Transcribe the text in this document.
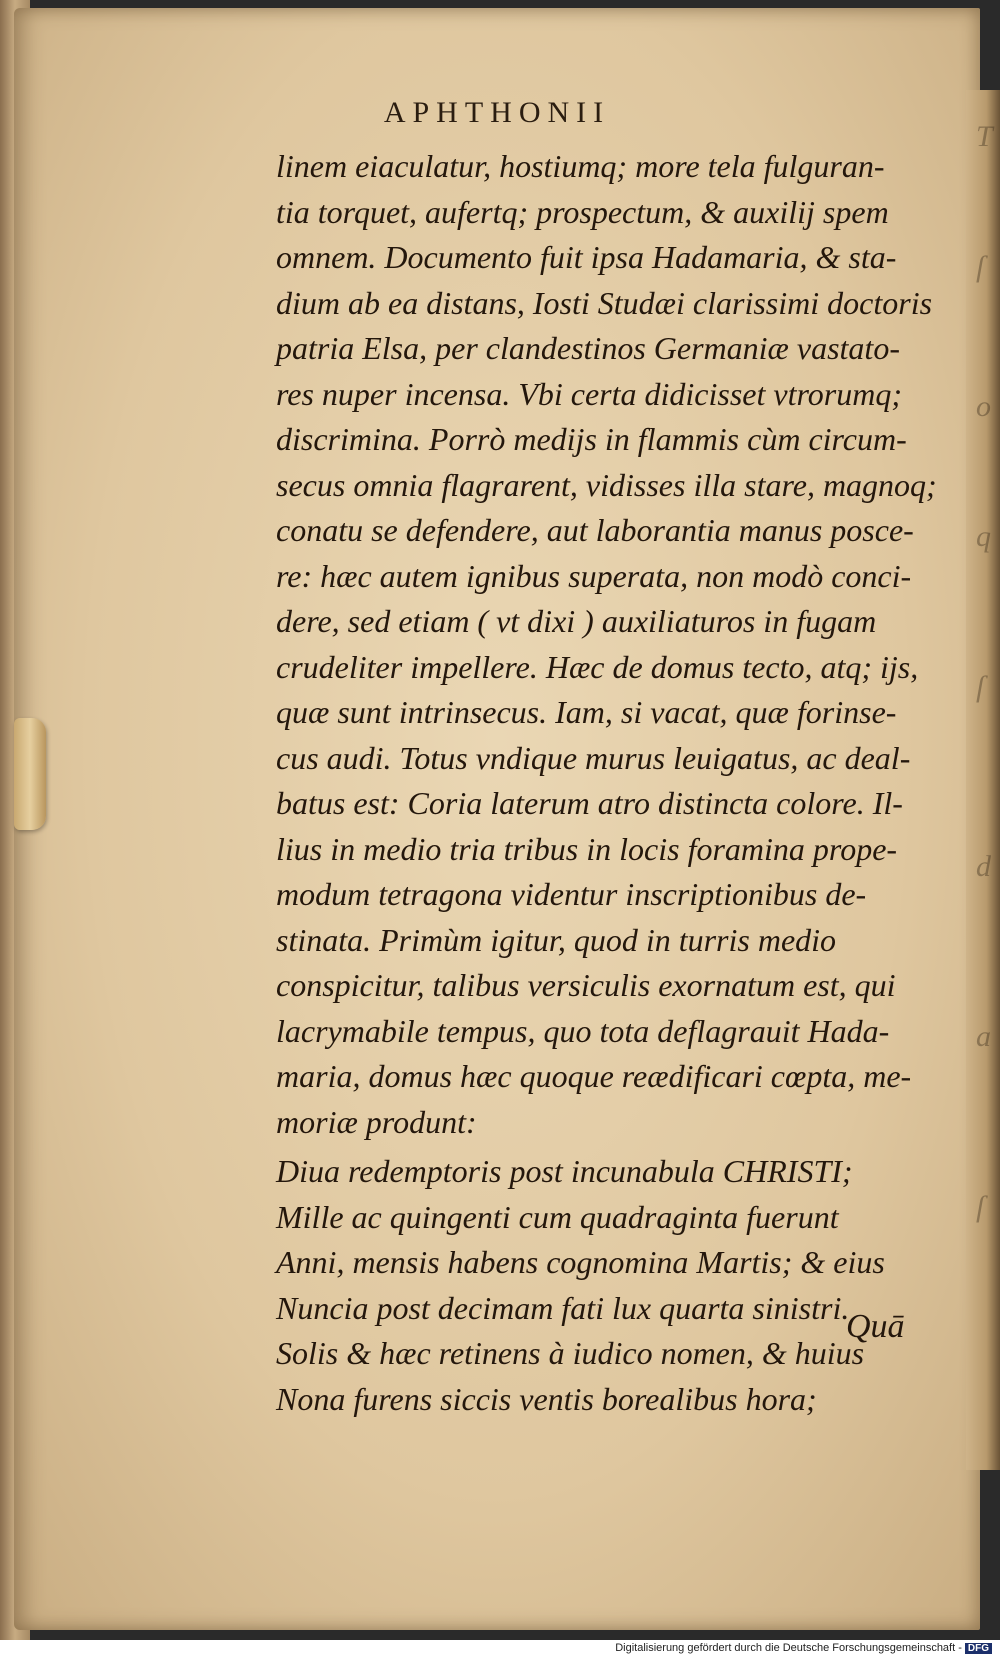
APHTHONII
linem eiaculatur, hostiumq; more tela fulguran-
tia torquet, aufertq; prospectum, & auxilij spem
omnem. Documento fuit ipsa Hadamaria, & sta-
dium ab ea distans, Iosti Studæi clarissimi doctoris
patria Elsa, per clandestinos Germaniæ vastato-
res nuper incensa. Vbi certa didicisset vtrorumq;
discrimina. Porrò medijs in flammis cùm circum-
secus omnia flagrarent, vidisses illa stare, magnoq;
conatu se defendere, aut laborantia manus posce-
re: hæc autem ignibus superata, non modò conci-
dere, sed etiam ( vt dixi ) auxiliaturos in fugam
crudeliter impellere. Hæc de domus tecto, atq; ijs,
quæ sunt intrinsecus. Iam, si vacat, quæ forinse-
cus audi. Totus vndique murus leuigatus, ac deal-
batus est: Coria laterum atro distincta colore. Il-
lius in medio tria tribus in locis foramina prope-
modum tetragona videntur inscriptionibus de-
stinata. Primùm igitur, quod in turris medio
conspicitur, talibus versiculis exornatum est, qui
lacrymabile tempus, quo tota deflagrauit Hada-
maria, domus hæc quoque reædificari cœpta, me-
moriæ produnt:
Diua redemptoris post incunabula CHRISTI;
Mille ac quingenti cum quadraginta fuerunt
Anni, mensis habens cognomina Martis; & eius
Nuncia post decimam fati lux quarta sinistri.
Solis & hæc retinens à iudico nomen, & huius
Nona furens siccis ventis borealibus hora;
Quā
T
ſ
o
q
ſ
d
a
ſ
Digitalisierung gefördert durch die Deutsche Forschungsgemeinschaft - DFG
